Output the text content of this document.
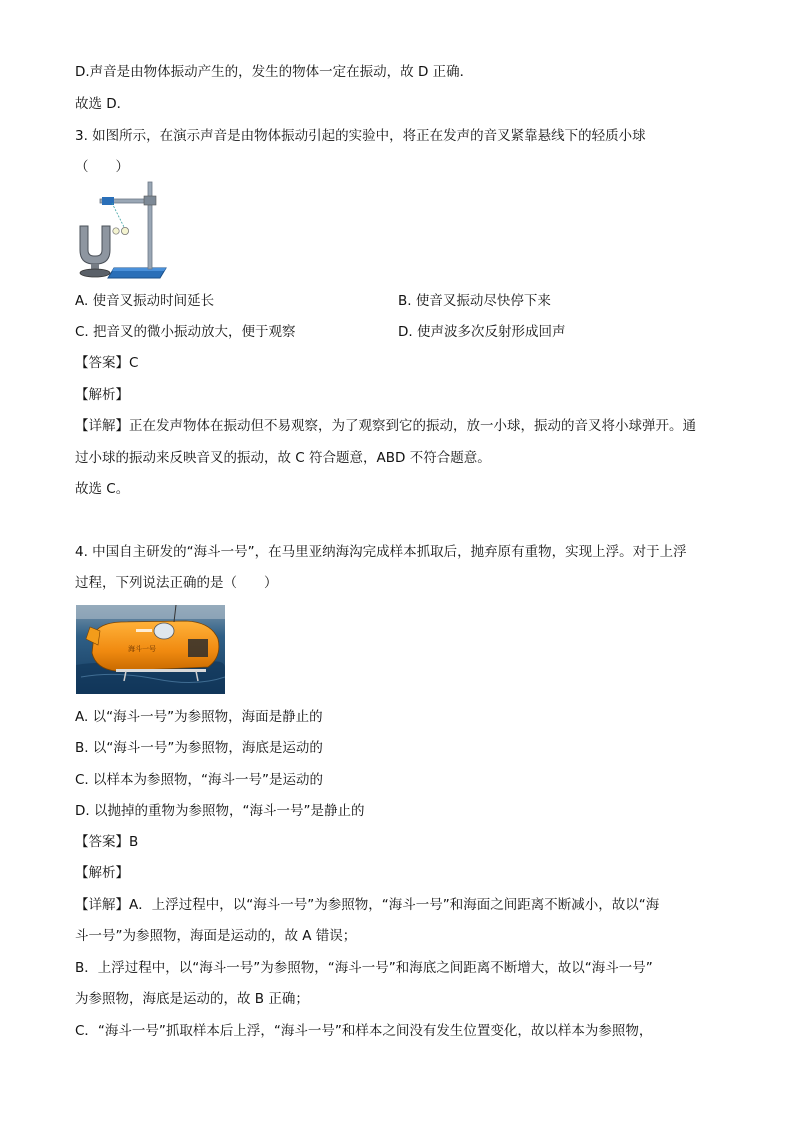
D.声音是由物体振动产生的，发生的物体一定在振动，故 D 正确．
故选 D．
3. 如图所示，在演示声音是由物体振动引起的实验中，将正在发声的音叉紧靠悬线下的轻质小球
（　　）
A. 使音叉振动时间延长	B. 使音叉振动尽快停下来
C. 把音叉的微小振动放大，便于观察	D. 使声波多次反射形成回声
【答案】C
【解析】
【详解】正在发声物体在振动但不易观察，为了观察到它的振动，放一小球，振动的音叉将小球弹开。通
过小球的振动来反映音叉的振动，故 C 符合题意，ABD 不符合题意。
故选 C。
4. 中国自主研发的“海斗一号”，在马里亚纳海沟完成样本抓取后，抛弃原有重物，实现上浮。对于上浮
过程，下列说法正确的是（　　）
海斗一号
A. 以“海斗一号”为参照物，海面是静止的
B. 以“海斗一号”为参照物，海底是运动的
C. 以样本为参照物，“海斗一号”是运动的
D. 以抛掉的重物为参照物，“海斗一号”是静止的
【答案】B
【解析】
【详解】A．上浮过程中，以“海斗一号”为参照物，“海斗一号”和海面之间距离不断减小，故以“海
斗一号”为参照物，海面是运动的，故 A 错误；
B．上浮过程中，以“海斗一号”为参照物，“海斗一号”和海底之间距离不断增大，故以“海斗一号”
为参照物，海底是运动的，故 B 正确；
C．“海斗一号”抓取样本后上浮，“海斗一号”和样本之间没有发生位置变化，故以样本为参照物，
